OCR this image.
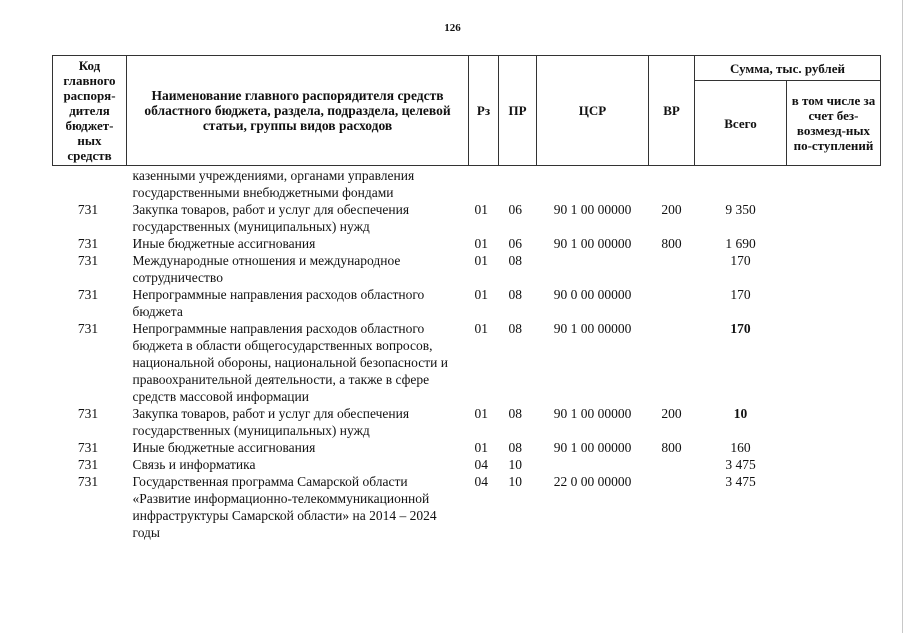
126
Код главного распоря-дителя бюджет-ных средств	Наименование главного распорядителя средств областного бюджета, раздела, подраздела, целевой статьи, группы видов расходов	Рз	ПР	ЦСР	ВР	Сумма, тыс. рублей	
						Всего	в том числе за счет без-возмезд-ных по-ступлений
	казенными учреждениями, органами управления государственными внебюджетными фондами						
731	Закупка товаров, работ и услуг для обеспечения государственных (муниципальных) нужд	01	06	90 1 00 00000	200	9 350	
731	Иные бюджетные ассигнования	01	06	90 1 00 00000	800	1 690	
731	Международные отношения и международное сотрудничество	01	08			170	
731	Непрограммные направления расходов областного бюджета	01	08	90 0 00 00000		170	
731	Непрограммные направления расходов областного бюджета в области общегосударственных вопросов, национальной обороны, национальной безопасности и правоохранительной деятельности, а также в сфере средств массовой информации	01	08	90 1 00 00000		170	
731	Закупка товаров, работ и услуг для обеспечения государственных (муниципальных) нужд	01	08	90 1 00 00000	200	10	
731	Иные бюджетные ассигнования	01	08	90 1 00 00000	800	160	
731	Связь и информатика	04	10			3 475	
731	Государственная программа Самарской области «Развитие информационно-телекоммуникационной инфраструктуры Самарской области» на 2014 – 2024 годы	04	10	22 0 00 00000		3 475	
